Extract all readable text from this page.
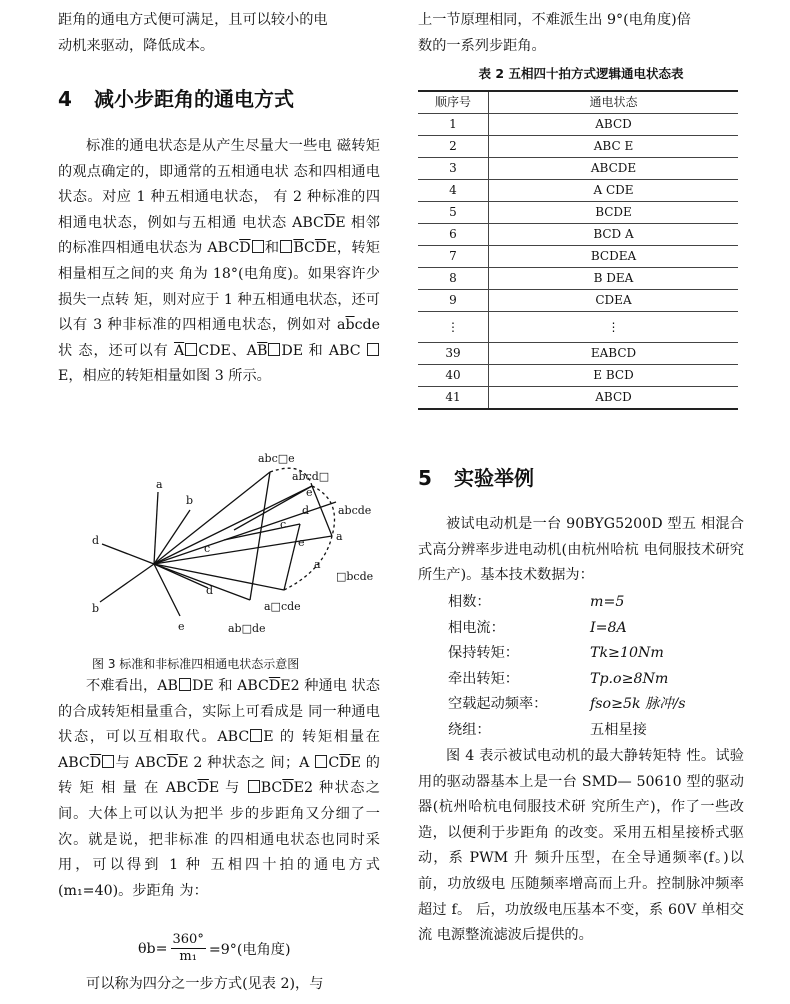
距角的通电方式便可满足，且可以较小的电
动机来驱动，降低成本。

4 减小步距角的通电方式

标准的通电状态是从产生尽量大一些电 磁转矩的观点确定的，即通常的五相通电状 态和四相通电状态。对应 1 种五相通电状态， 有 2 种标准的四相通电状态，例如与五相通 电状态 $ABC\overline{D}E$ 相邻的标准四相通电状态为 $ABC\overline{D}$ 和 $\overline{B}C\overline{D}E$，转矩相量相互之间的夹 角为 18°(电角度)。如果容许少损失一点转 矩，则对应于 1 种五相通电状态，还可以有 3 种非标准的四相通电状态，例如对 $a\overline{b}cde$ 状 态，还可以有 $\overline{A}$ CDE、$A\overline{B}$ DE 和 ABC E，相应的转矩相量如图 3 所示。

abc□e
abcd□
e
abcde
a
b
d
c
c
d
e	a
d
□bcde
b
e
a□cde
ab□de
a
图 3 标准和非标准四相通电状态示意图

不难看出，AB DE 和 $ABC\overline{D}E2$ 种通电 状态的合成转矩相量重合，实际上可看成是 同一种通电状态，可以互相取代。ABC E 的 转矩相量在 $ABC\overline{D}$ 与 $ABC\overline{D}E$ 2 种状态之 间；A $C\overline{D}E$ 的 转 矩 相 量 在 $ABC\overline{D}E$ 与 $BC\overline{D}E2$ 种状态之间。大体上可以认为把半 步的步距角又分细了一次。就是说，把非标准 的四相通电状态也同时采用，可以得到 1 种 五相四十拍的通电方式(m₁=40)。步距角 为：

$\theta b= \frac{360^\circ}{\text{m₁}} =9^\circ$(电角度)

可以称为四分之一步方式(见表 2)，与

上一节原理相同，不难派生出 9°(电角度)倍
数的一系列步距角。

表 2 五相四十拍方式逻辑通电状态表
顺序号	通电状态
1	ABCD
2	ABC E
3	ABCDE
4	A CDE
5	BCDE
6	BCD A
7	BCDEA
8	B DEA
9	CDEA
⋮	⋮
39	EABCD
40	E BCD
41	ABCD
5 实验举例

被试电动机是一台 90BYG5200D 型五 相混合式高分辨率步进电动机(由杭州哈杭 电伺服技术研究所生产)。基本技术数据为：

相数：	m=5
相电流：	I=8A
保持转矩：	Tk≥10Nm
牵出转矩：	Tp.o≥8Nm
空载起动频率：	fso≥5k 脉冲/s
绕组：	五相星接

图 4 表示被试电动机的最大静转矩特 性。试验用的驱动器基本上是一台 SMD— 50610 型的驱动器(杭州哈杭电伺服技术研 究所生产)，作了一些改造，以便利于步距角 的改变。采用五相星接桥式驱动，系 PWM 升 频升压型，在全导通频率(f。)以前，功放级电 压随频率增高而上升。控制脉冲频率超过 f。 后，功放级电压基本不变，系 60V 单相交流 电源整流滤波后提供的。
